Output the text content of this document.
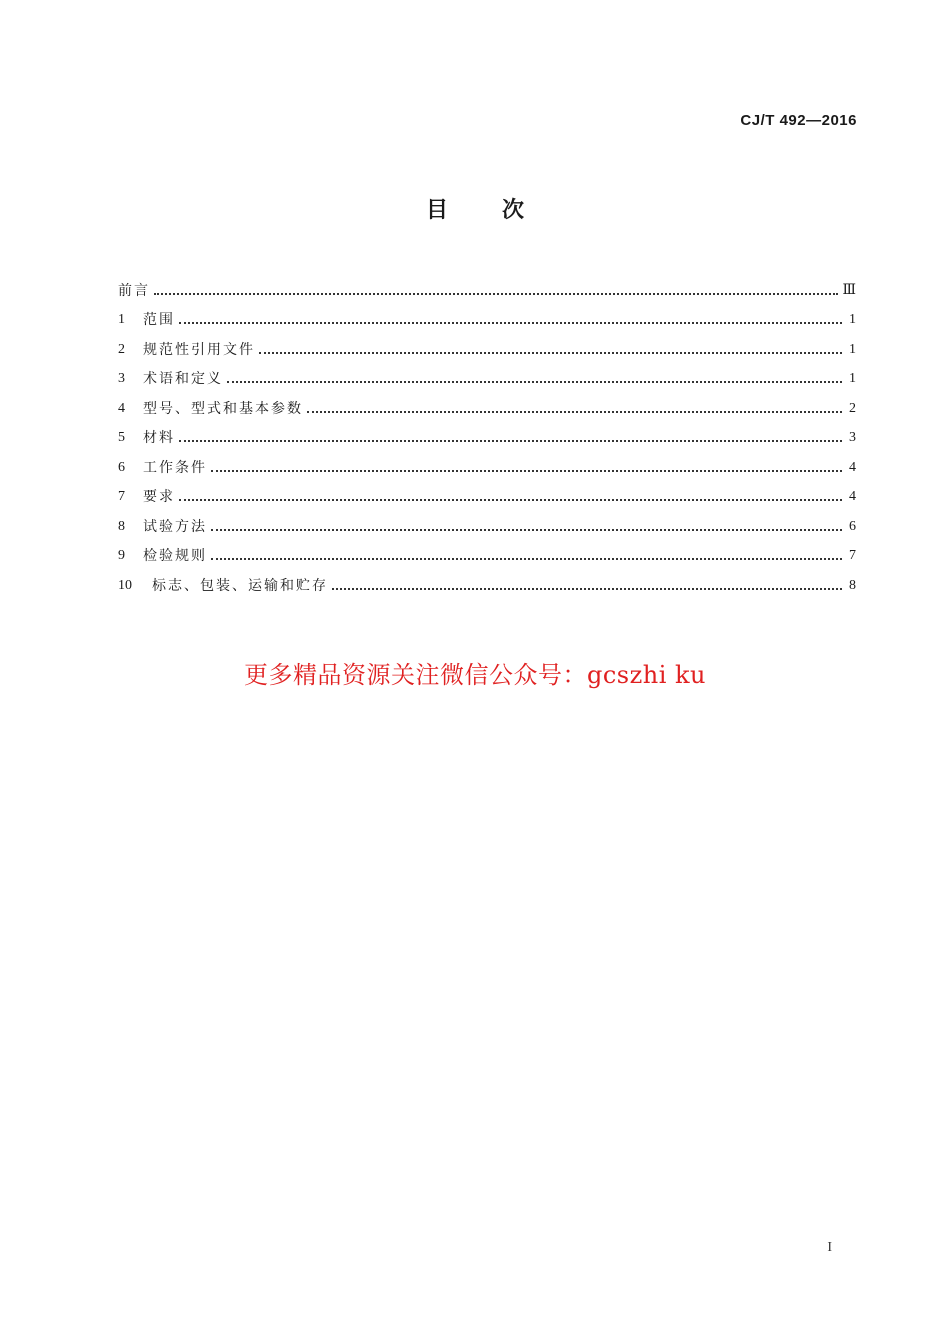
CJ/T 492—2016
目次
前言	Ⅲ
1	范围	1
2	规范性引用文件	1
3	术语和定义	1
4	型号、型式和基本参数	2
5	材料	3
6	工作条件	4
7	要求	4
8	试验方法	6
9	检验规则	7
10	标志、包装、运输和贮存	8
更多精品资源关注微信公众号：gcszhi ku
I
